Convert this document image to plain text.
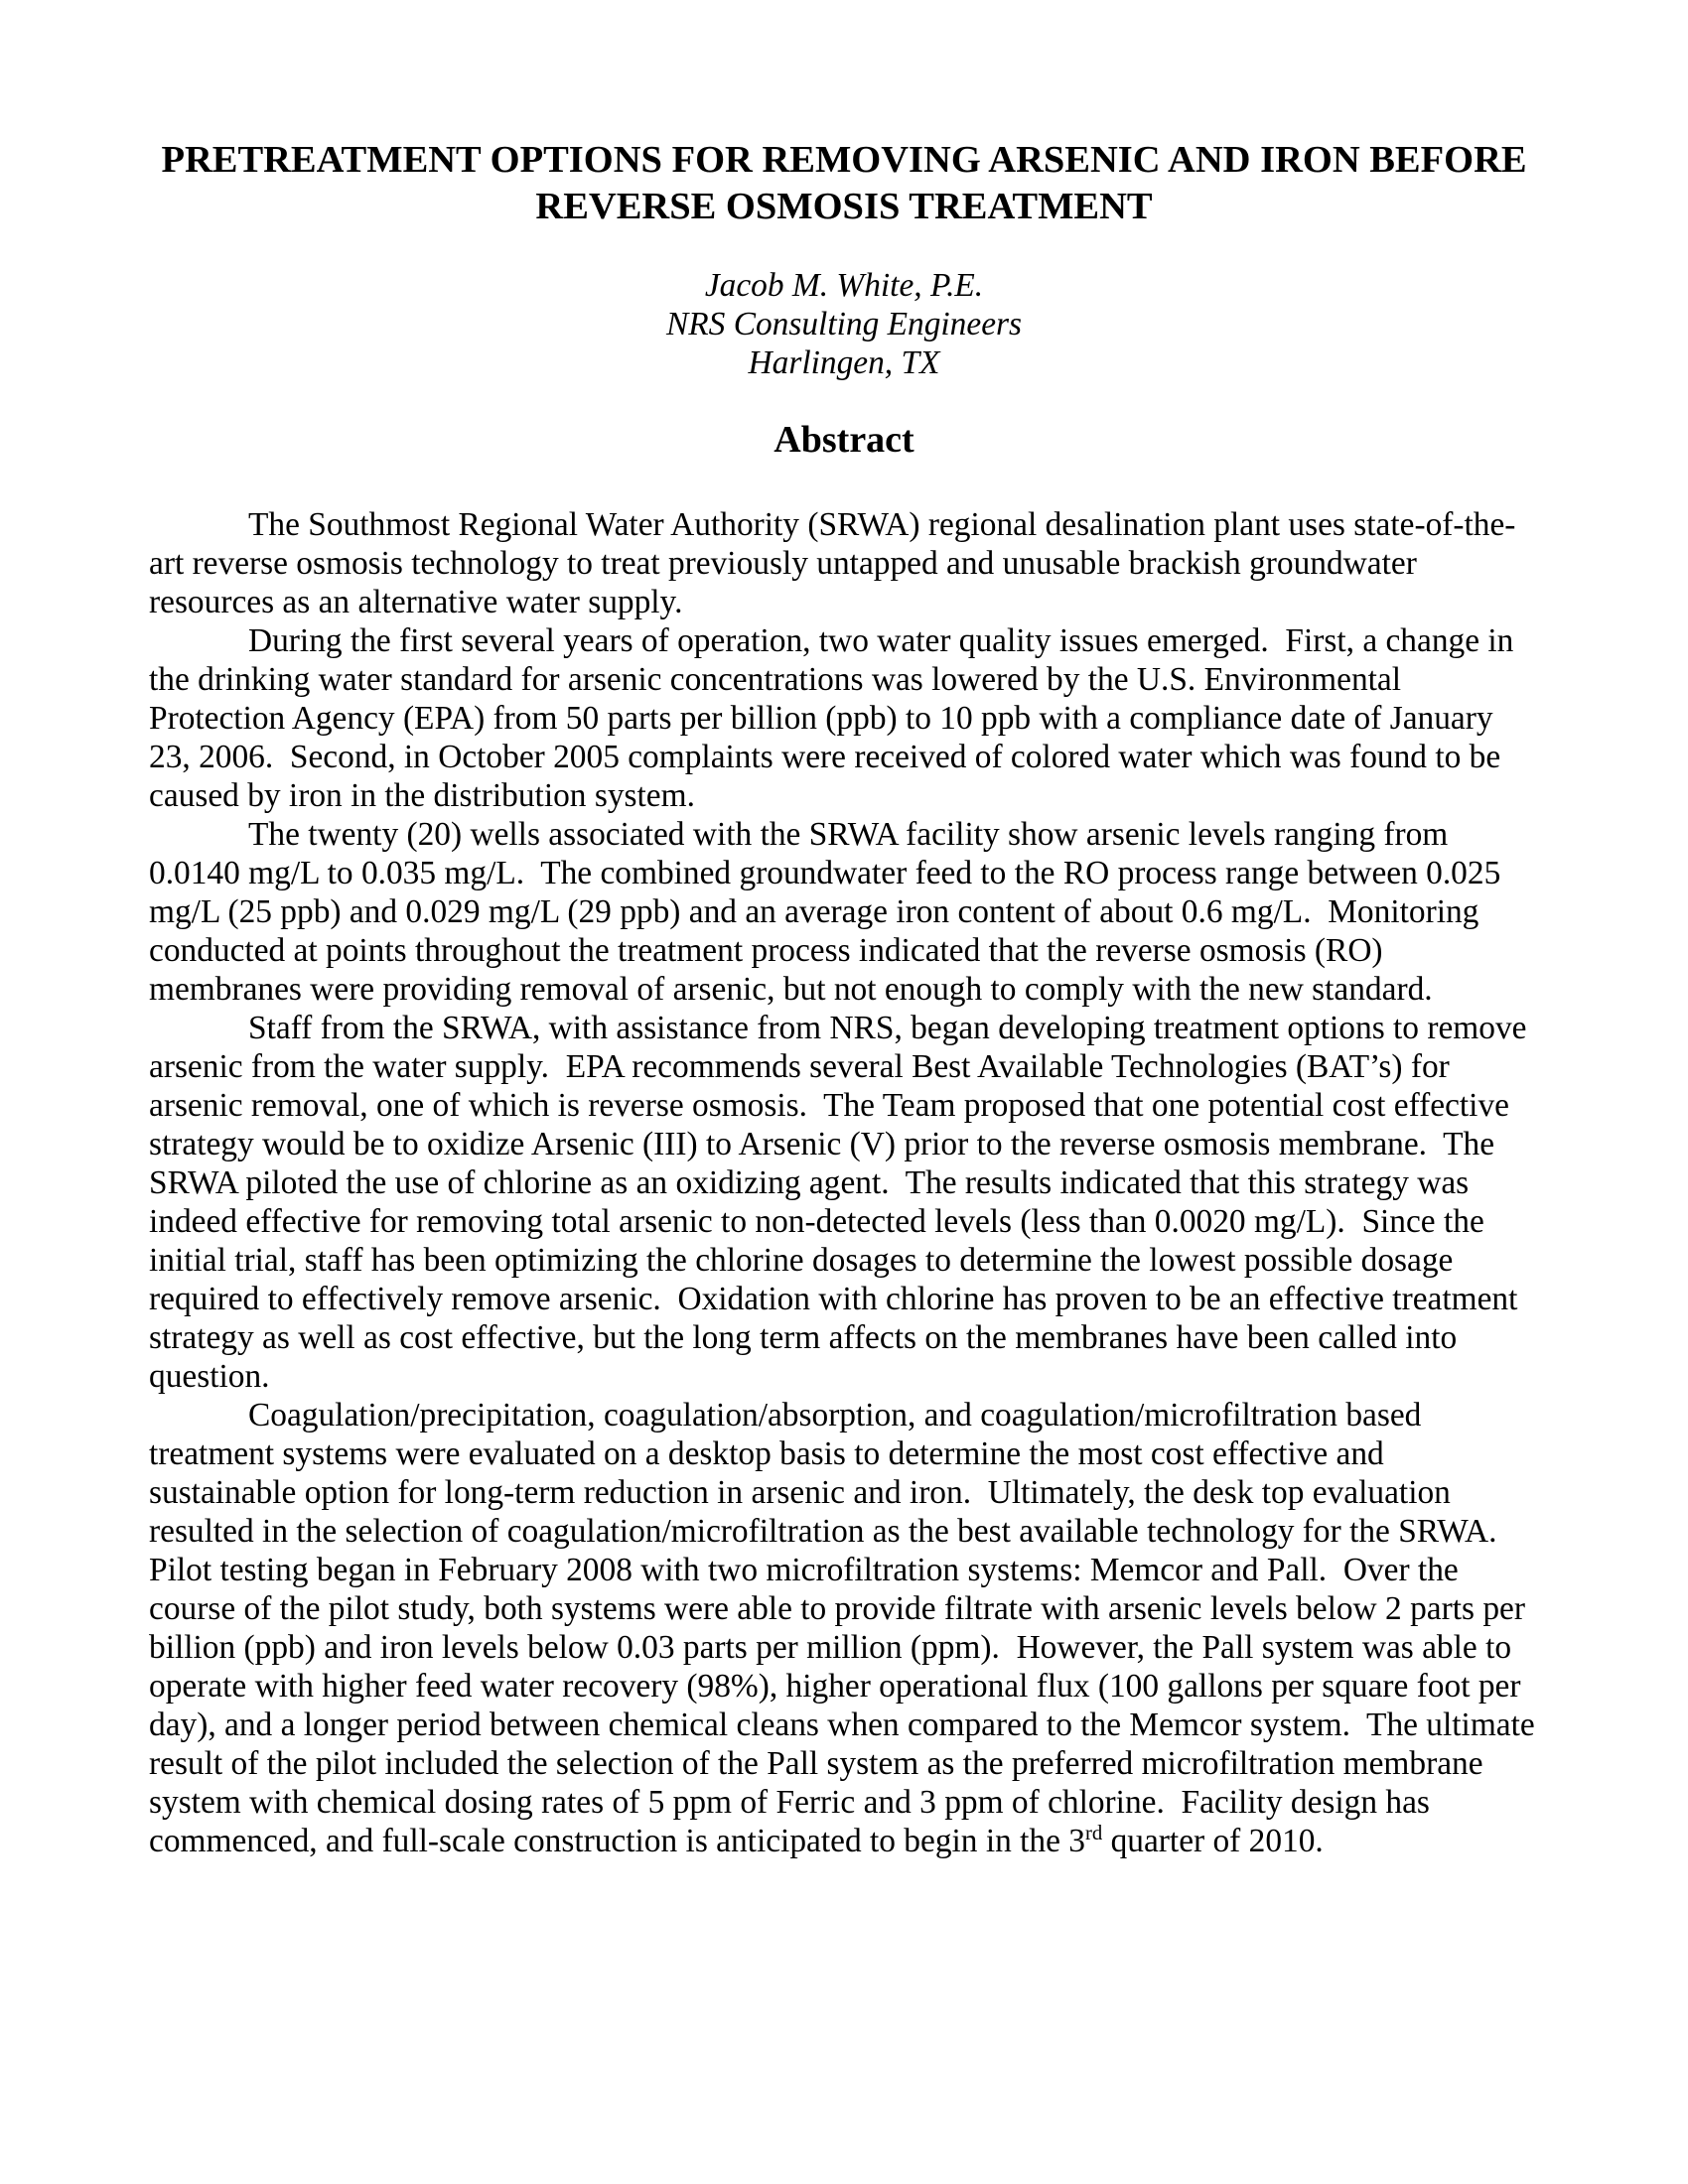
PRETREATMENT OPTIONS FOR REMOVING ARSENIC AND IRON BEFORE REVERSE OSMOSIS TREATMENT
Jacob M. White, P.E.
NRS Consulting Engineers
Harlingen, TX
Abstract

The Southmost Regional Water Authority (SRWA) regional desalination plant uses state-of-the-art reverse osmosis technology to treat previously untapped and unusable brackish groundwater resources as an alternative water supply.

During the first several years of operation, two water quality issues emerged.  First, a change in the drinking water standard for arsenic concentrations was lowered by the U.S. Environmental Protection Agency (EPA) from 50 parts per billion (ppb) to 10 ppb with a compliance date of January 23, 2006.  Second, in October 2005 complaints were received of colored water which was found to be caused by iron in the distribution system.

The twenty (20) wells associated with the SRWA facility show arsenic levels ranging from 0.0140 mg/L to 0.035 mg/L.  The combined groundwater feed to the RO process range between 0.025 mg/L (25 ppb) and 0.029 mg/L (29 ppb) and an average iron content of about 0.6 mg/L.  Monitoring conducted at points throughout the treatment process indicated that the reverse osmosis (RO) membranes were providing removal of arsenic, but not enough to comply with the new standard.

Staff from the SRWA, with assistance from NRS, began developing treatment options to remove arsenic from the water supply.  EPA recommends several Best Available Technologies (BAT’s) for arsenic removal, one of which is reverse osmosis.  The Team proposed that one potential cost effective strategy would be to oxidize Arsenic (III) to Arsenic (V) prior to the reverse osmosis membrane.  The SRWA piloted the use of chlorine as an oxidizing agent.  The results indicated that this strategy was indeed effective for removing total arsenic to non-detected levels (less than 0.0020 mg/L).  Since the initial trial, staff has been optimizing the chlorine dosages to determine the lowest possible dosage required to effectively remove arsenic.  Oxidation with chlorine has proven to be an effective treatment strategy as well as cost effective, but the long term affects on the membranes have been called into question.

Coagulation/precipitation, coagulation/absorption, and coagulation/microfiltration based treatment systems were evaluated on a desktop basis to determine the most cost effective and sustainable option for long-term reduction in arsenic and iron.  Ultimately, the desk top evaluation resulted in the selection of coagulation/microfiltration as the best available technology for the SRWA.  Pilot testing began in February 2008 with two microfiltration systems: Memcor and Pall.  Over the course of the pilot study, both systems were able to provide filtrate with arsenic levels below 2 parts per billion (ppb) and iron levels below 0.03 parts per million (ppm).  However, the Pall system was able to operate with higher feed water recovery (98%), higher operational flux (100 gallons per square foot per day), and a longer period between chemical cleans when compared to the Memcor system.  The ultimate result of the pilot included the selection of the Pall system as the preferred microfiltration membrane system with chemical dosing rates of 5 ppm of Ferric and 3 ppm of chlorine.  Facility design has commenced, and full-scale construction is anticipated to begin in the 3rd quarter of 2010.
